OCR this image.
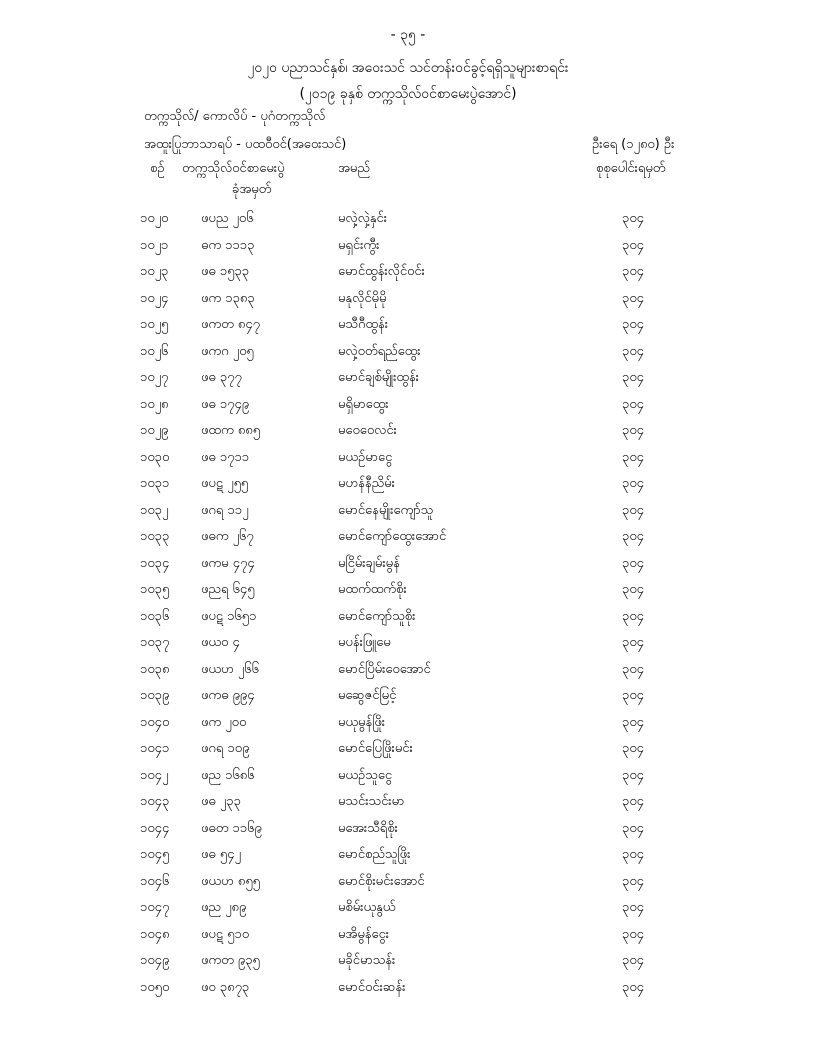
- ၃၅ -
၂၀၂၀ ပညာသင်နှစ်၊ အဝေးသင် သင်တန်းဝင်ခွင့်ရရှိသူများစာရင်း
(၂၀၁၉ ခုနှစ် တက္ကသိုလ်ဝင်စာမေးပွဲအောင်)
တက္ကသိုလ်/ ကောလိပ် - ပုဂံတက္ကသိုလ်
အထူးပြုဘာသာရပ် - ပထဝီဝင်(အဝေးသင်)	ဦးရေ (၁၂၈၀) ဦး
စဉ် တက္ကသိုလ်ဝင်စာမေးပွဲ
ခုံအမှတ်
အမည်	စုစုပေါင်းရမှတ်
၁၀၂၀	ဖပည ၂၀၆	မလှဲ့လှဲ့နှင်း	၃၀၄
၁၀၂၁	ဓက ၁၁၁၃	မရှင်းကွီး	၃၀၄
၁၀၂၃	ဖဓ ၁၅၃၃	မောင်ထွန်းလိုင်ဝင်း	၃၀၄
၁၀၂၄	ဖက ၁၃၈၃	မနုလိုင်မိုမို	၃၀၄
၁၀၂၅	ဖကတ ၈၄၇	မသီဂီထွန်း	၃၀၄
၁၀၂၆	ဖကဂ ၂၀၅	မလှဲ့ဝတ်ရည်ထွေး	၃၀၄
၁၀၂၇	ဖဓ ၃၇၇	မောင်ချစ်မျိုးထွန်း	၃၀၄
၁၀၂၈	ဖဓ ၁၇၄၉	မရှိမာထွေး	၃၀၄
၁၀၂၉	ဖထက ၈၈၅	မဝေဝေလင်း	၃၀၄
၁၀၃၀ ဖဓ ၁၇၁၁	မယဉ်မာငွေ	၃၀၄
၁၀၃၁ ဖပဋ ၂၅၅	မဟန်နီညိမ်း	၃၀၄
၁၀၃၂	ဖဂရ ၁၁၂	မောင်နေမျိုးကျော်သူ	၃၀၄
၁၀၃၃ ဖဓက ၂၆၇	မောင်ကျော်ထွေးအောင်	၃၀၄
၁၀၃၄ ဖကမ ၄၇၄	မငြိမ်းချမ်းမွန်	၃၀၄
၁၀၃၅ ဖညရ ၆၄၅	မထက်ထက်စိုး	၃၀၄
၁၀၃၆ ဖပဋ ၁၆၅၁	မောင်ကျော်သူစိုး	၃၀၄
၁၀၃၇ ဖယဝ ၄	မပန်းဖြူမေ	၃၀၄
၁၀၃၈ ဖယဟ ၂၆၆	မောင်ပြိမ်းဝေအောင်	၃၀၄
၁၀၃၉ ဖကဓ ၉၉၄	မဆွေဇင်မြင့်	၃၀၄
၁၀၄၀ ဖက ၂၀၀	မယုမွန်ဖြိုး	၃၀၄
၁၀၄၁ ဖဂရ ၁၀၉	မောင်ပြေဖြိုးမင်း	၃၀၄
၁၀၄၂	ဖည ၁၆၈၆	မယဉ်သူငွေ	၃၀၄
၁၀၄၃ ဖဓ ၂၃၃	မသင်းသင်းမာ	၃၀၄
၁၀၄၄ ဖဓတ ၁၁၆၉	မအေးသီရိစိုး	၃၀၄
၁၀၄၅ ဖဓ ၅၄၂	မောင်စည်သူဖြိုး	၃၀၄
၁၀၄၆ ဖယဟ ၈၅၅	မောင်စိုးမင်းအောင်	၃၀၄
၁၀၄၇ ဖည ၂၈၉	မစိမ်းယုနွယ်	၃၀၄
၁၀၄၈ ဖပဋ ၅၁၀	မအိမွန်ငွေး	၃၀၄
၁၀၄၉ ဖကတ ၉၃၅	မခိုင်မာသန်း	၃၀၄
၁၀၅၀ ဖဝ ၃၈၇၃	မောင်ဝင်းဆန်း	၃၀၄
